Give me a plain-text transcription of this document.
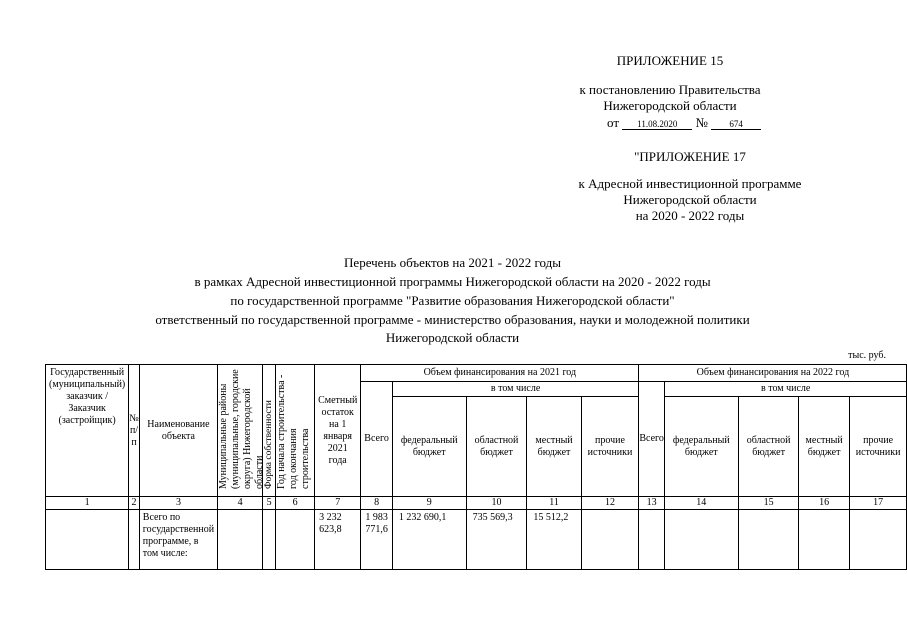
ПРИЛОЖЕНИЕ 15
к постановлению Правительства
Нижегородской области
от 11.08.2020 № 674
"ПРИЛОЖЕНИЕ 17
к Адресной инвестиционной программе
Нижегородской области
на 2020 - 2022 годы
Перечень объектов на 2021 - 2022 годы
в рамках Адресной инвестиционной программы Нижегородской области на 2020 - 2022 годы
по государственной программе "Развитие образования Нижегородской области"
ответственный по государственной программе - министерство образования, науки и молодежной политики
Нижегородской области
тыс. руб.
Государственный (муниципальный) заказчик / Заказчик (застройщик)	№ п/п	Наименование объекта	Муниципальные районы (муниципальные, городские округа) Нижегородской области	Форма собственности	Год начала строительства - год окончания строительства	Сметный остаток на 1 января 2021 года	Объем финансирования на 2021 год					Объем финансирования на 2022 год				
							Всего	в том числе				Всего	в том числе			
								федеральный бюджет	областной бюджет	местный бюджет	прочие источники		федеральный бюджет	областной бюджет	местный бюджет	прочие источники
1	2	3	4	5	6	7	8	9	10	11	12	13	14	15	16	17
		Всего по государственной программе, в том числе:				3 232 623,8	1 983 771,6	1 232 690,1	735 569,3	15 512,2						
